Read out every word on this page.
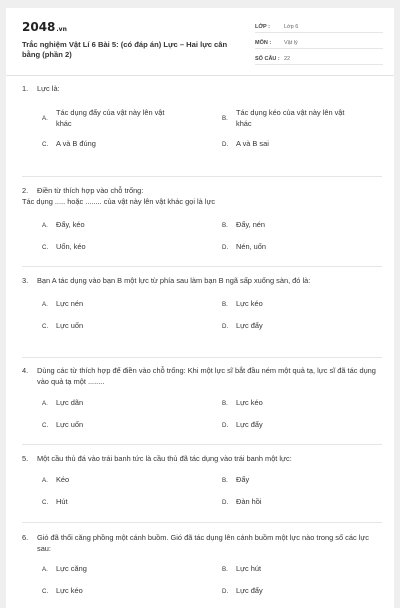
2048.vn
Trắc nghiệm Vật Lí 6 Bài 5: (có đáp án) Lực – Hai lực cân bằng (phần 2)
LỚP :	Lớp 6
MÔN :	Vật lý
SỐ CÂU : 22
1. Lực là:
A.
Tác dụng đẩy của vật này lên vật khác	B.
Tác dụng kéo của vật này lên vật khác
C.	A và B đúng	D.	A và B sai
2. Điền từ thích hợp vào chỗ trống:
Tác dụng ..... hoặc ........ của vật này lên vật khác gọi là lực
A.	Đẩy, kéo	B.	Đẩy, nén
C.	Uốn, kéo	D.	Nén, uốn
3. Bạn A tác dụng vào bạn B một lực từ phía sau làm bạn B ngã sấp xuống sàn, đó là:
A.	Lực nén	B.	Lực kéo
C.	Lực uốn	D.	Lực đẩy
4. Dùng các từ thích hợp để điền vào chỗ trống: Khi một lực sĩ bắt đầu ném một quả tạ, lực sĩ đã tác dụng vào quả tạ một ........
A.	Lực dãn	B.	Lực kéo
C.	Lực uốn	D.	Lực đẩy
5. Một cầu thủ đá vào trái banh tức là cầu thủ đã tác dụng vào trái banh một lực:
A.	Kéo	B.	Đẩy
C.	Hút	D.	Đàn hồi
6. Gió đã thổi căng phồng một cánh buồm. Gió đã tác dụng lên cánh buồm một lực nào trong số các lực sau:
A.	Lực căng	B.	Lực hút
C.	Lực kéo	D.	Lực đẩy
